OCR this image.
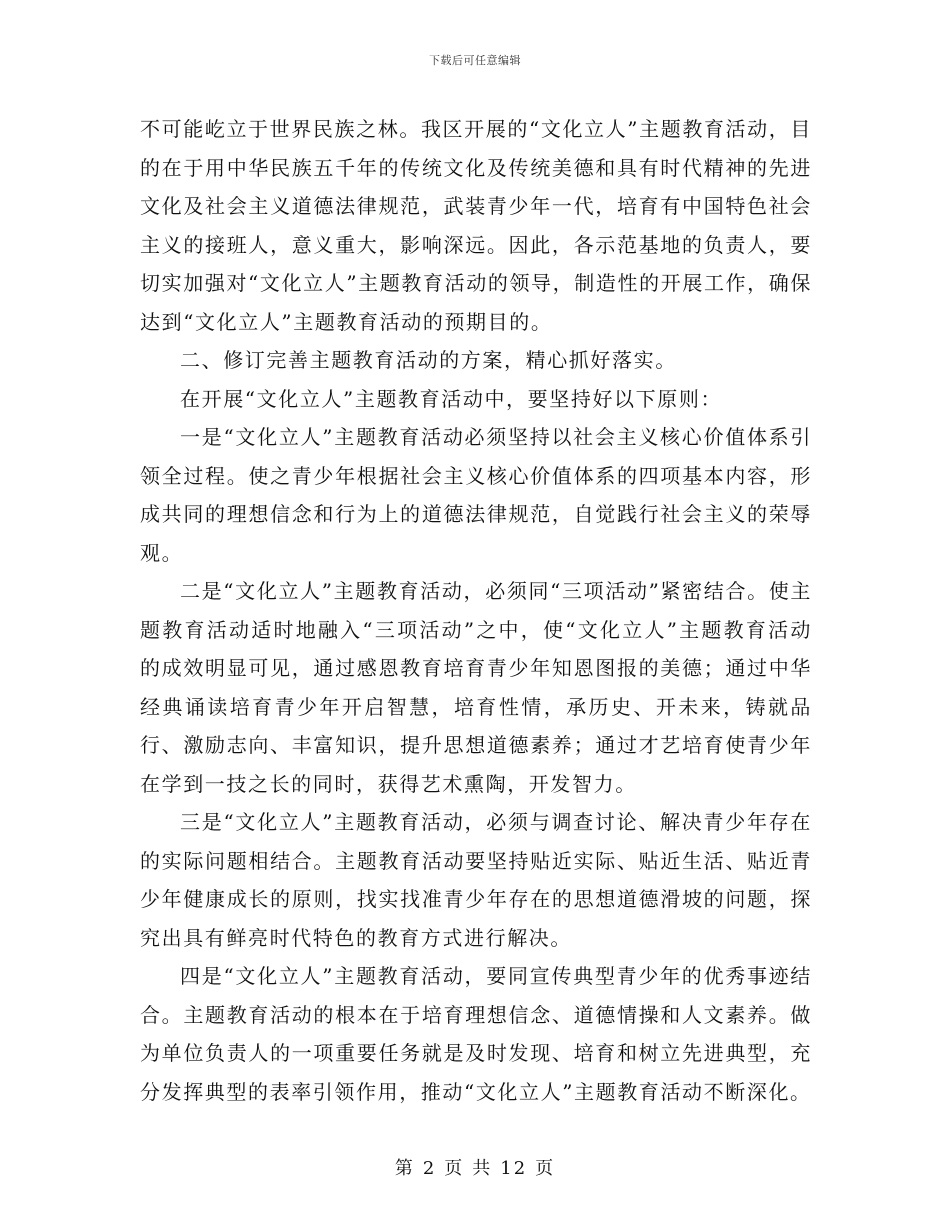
下载后可任意编辑

不可能屹立于世界民族之林。我区开展的“文化立人”主题教育活动，目的在于用中华民族五千年的传统文化及传统美德和具有时代精神的先进文化及社会主义道德法律规范，武装青少年一代，培育有中国特色社会主义的接班人，意义重大，影响深远。因此，各示范基地的负责人，要切实加强对“文化立人”主题教育活动的领导，制造性的开展工作，确保达到“文化立人”主题教育活动的预期目的。

二、修订完善主题教育活动的方案，精心抓好落实。

在开展“文化立人”主题教育活动中，要坚持好以下原则：

一是“文化立人”主题教育活动必须坚持以社会主义核心价值体系引领全过程。使之青少年根据社会主义核心价值体系的四项基本内容，形成共同的理想信念和行为上的道德法律规范，自觉践行社会主义的荣辱观。

二是“文化立人”主题教育活动，必须同“三项活动”紧密结合。使主题教育活动适时地融入“三项活动”之中，使“文化立人”主题教育活动的成效明显可见，通过感恩教育培育青少年知恩图报的美德；通过中华经典诵读培育青少年开启智慧，培育性情，承历史、开未来，铸就品行、激励志向、丰富知识，提升思想道德素养；通过才艺培育使青少年在学到一技之长的同时，获得艺术熏陶，开发智力。

三是“文化立人”主题教育活动，必须与调查讨论、解决青少年存在的实际问题相结合。主题教育活动要坚持贴近实际、贴近生活、贴近青少年健康成长的原则，找实找准青少年存在的思想道德滑坡的问题，探究出具有鲜亮时代特色的教育方式进行解决。

四是“文化立人”主题教育活动，要同宣传典型青少年的优秀事迹结合。主题教育活动的根本在于培育理想信念、道德情操和人文素养。做为单位负责人的一项重要任务就是及时发现、培育和树立先进典型，充分发挥典型的表率引领作用，推动“文化立人”主题教育活动不断深化。

第 2 页 共 12 页
